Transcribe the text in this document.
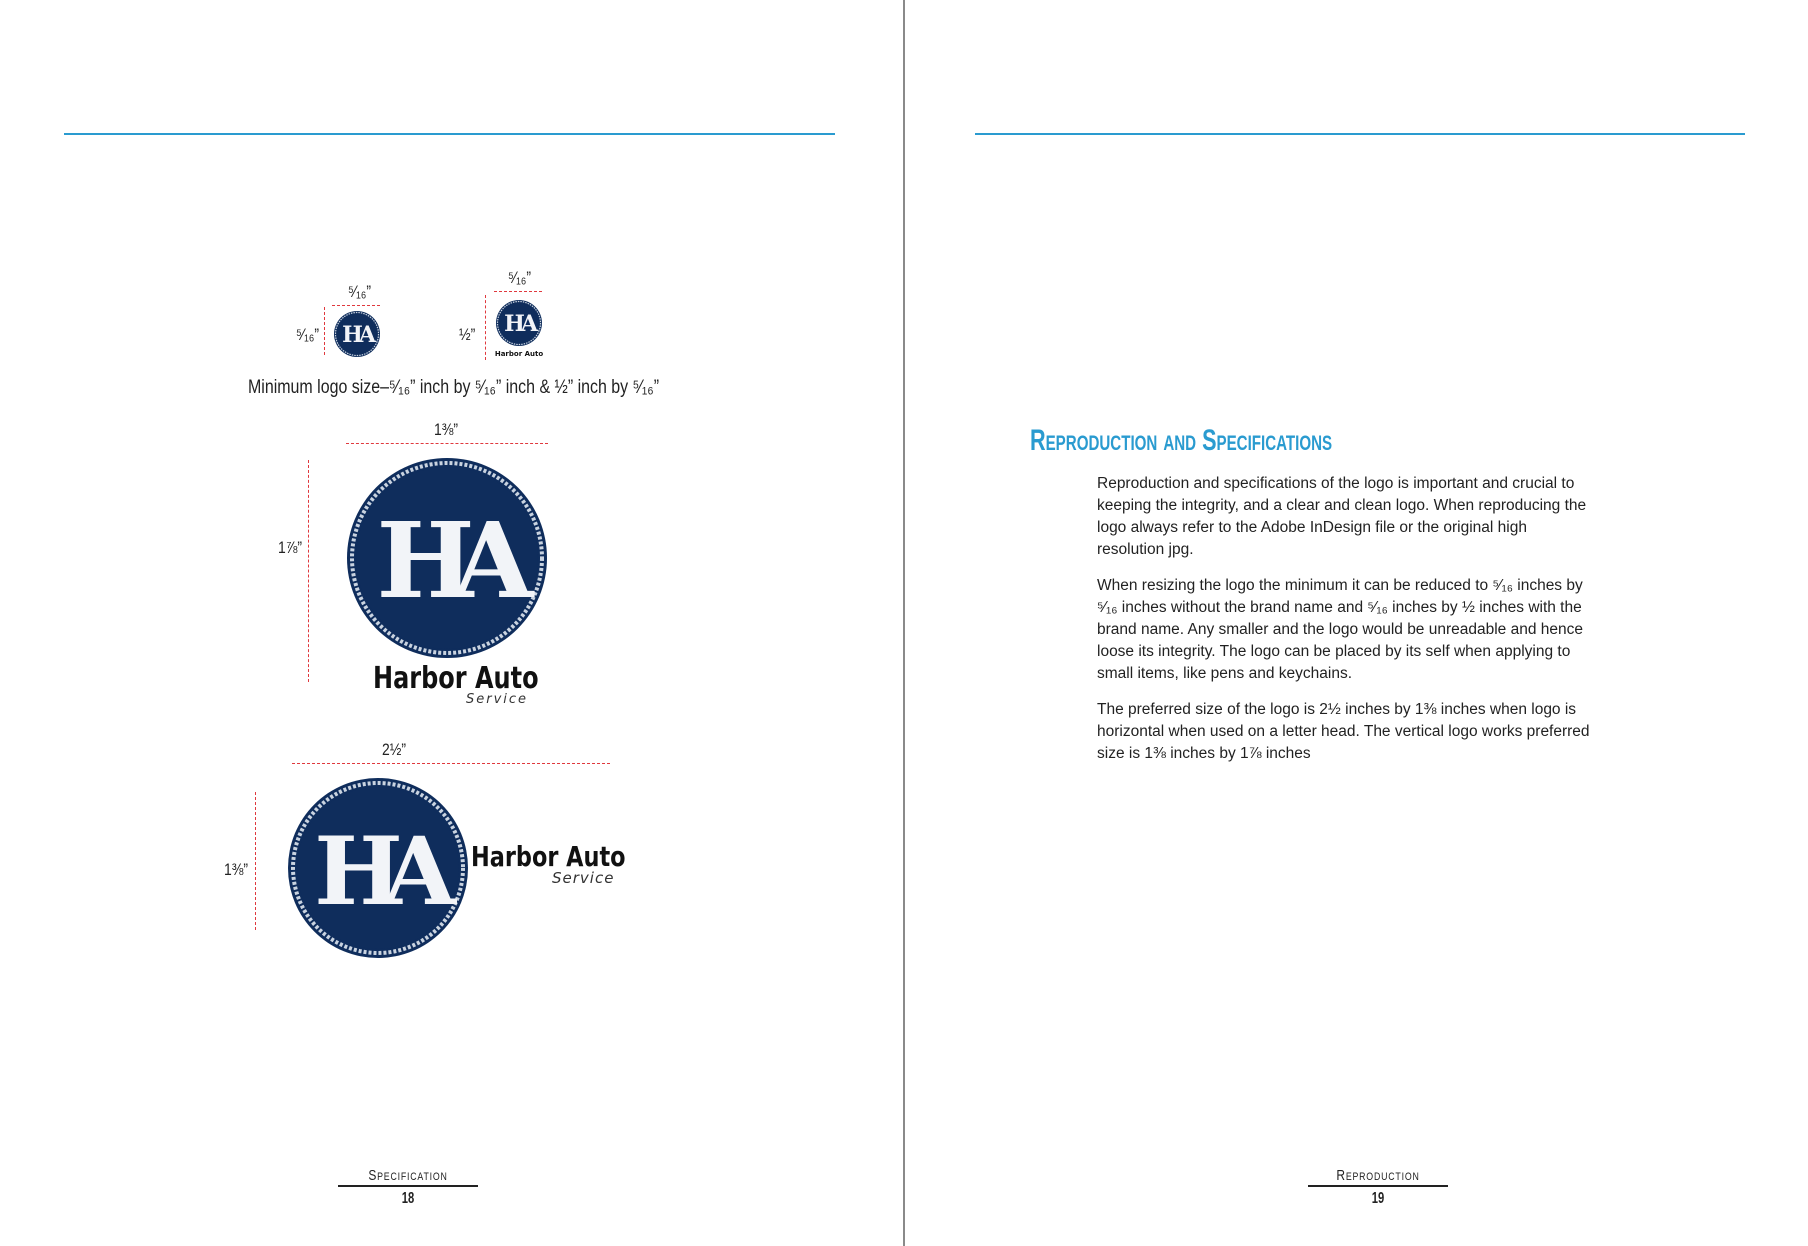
⁵⁄₁₆”
⁵⁄₁₆” HA
⁵⁄₁₆”
½” HA
Harbor Auto
Minimum logo size–⁵⁄₁₆” inch by ⁵⁄₁₆” inch & ½” inch by ⁵⁄₁₆”
1⅜”
1⅞” HA
Harbor Auto
Service
2½”
1⅜” HA	Harbor Auto
Service
Specification
18
Reproduction
19
Reproduction and Specifications

Reproduction and specifications of the logo is important and crucial to keeping the integrity, and a clear and clean logo. When reproducing the logo always refer to the Adobe InDesign file or the original high resolution jpg.

When resizing the logo the minimum it can be reduced to ⁵⁄₁₆ inches by ⁵⁄₁₆ inches without the brand name and ⁵⁄₁₆ inches by ½ inches with the brand name. Any smaller and the logo would be unreadable and hence loose its integrity. The logo can be placed by its self when applying to small items, like pens and keychains.

The preferred size of the logo is 2½ inches by 1⅜ inches when logo is horizontal when used on a letter head. The vertical logo works preferred size is 1⅜ inches by 1⅞ inches
